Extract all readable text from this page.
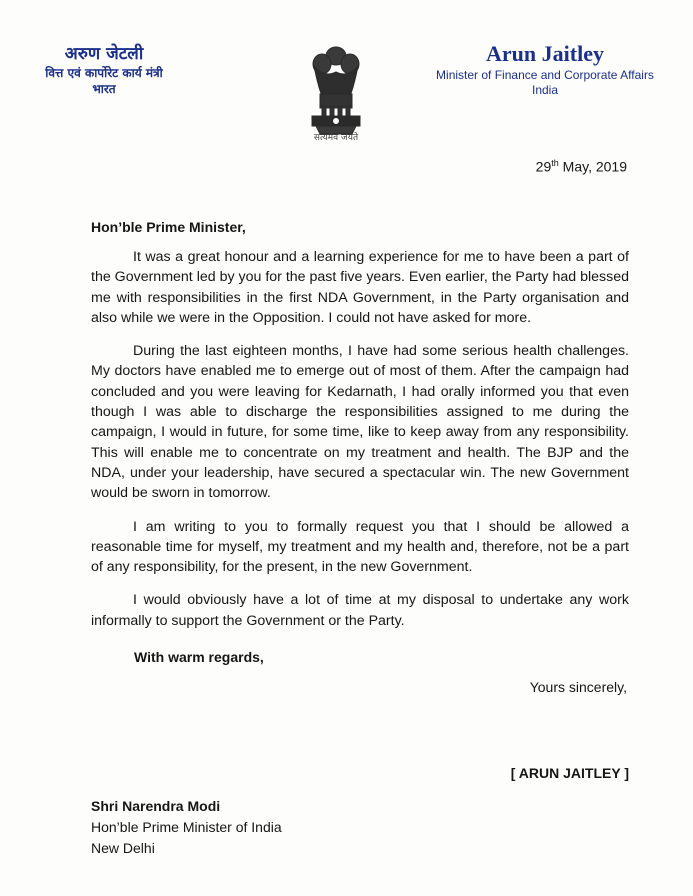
अरुण जेटली
वित्त एवं कार्पोरेट कार्य मंत्री
भारत
सत्यमेव जयते
Arun Jaitley
Minister of Finance and Corporate Affairs
India
29th May, 2019
Hon’ble Prime Minister,

It was a great honour and a learning experience for me to have been a part of the Government led by you for the past five years. Even earlier, the Party had blessed me with responsibilities in the first NDA Government, in the Party organisation and also while we were in the Opposition. I could not have asked for more.

During the last eighteen months, I have had some serious health challenges. My doctors have enabled me to emerge out of most of them. After the campaign had concluded and you were leaving for Kedarnath, I had orally informed you that even though I was able to discharge the responsibilities assigned to me during the campaign, I would in future, for some time, like to keep away from any responsibility. This will enable me to concentrate on my treatment and health. The BJP and the NDA, under your leadership, have secured a spectacular win. The new Government would be sworn in tomorrow.

I am writing to you to formally request you that I should be allowed a reasonable time for myself, my treatment and my health and, therefore, not be a part of any responsibility, for the present, in the new Government.

I would obviously have a lot of time at my disposal to undertake any work informally to support the Government or the Party.

With warm regards,
Yours sincerely,
[ ARUN JAITLEY ]
Shri Narendra Modi
Hon’ble Prime Minister of India
New Delhi
